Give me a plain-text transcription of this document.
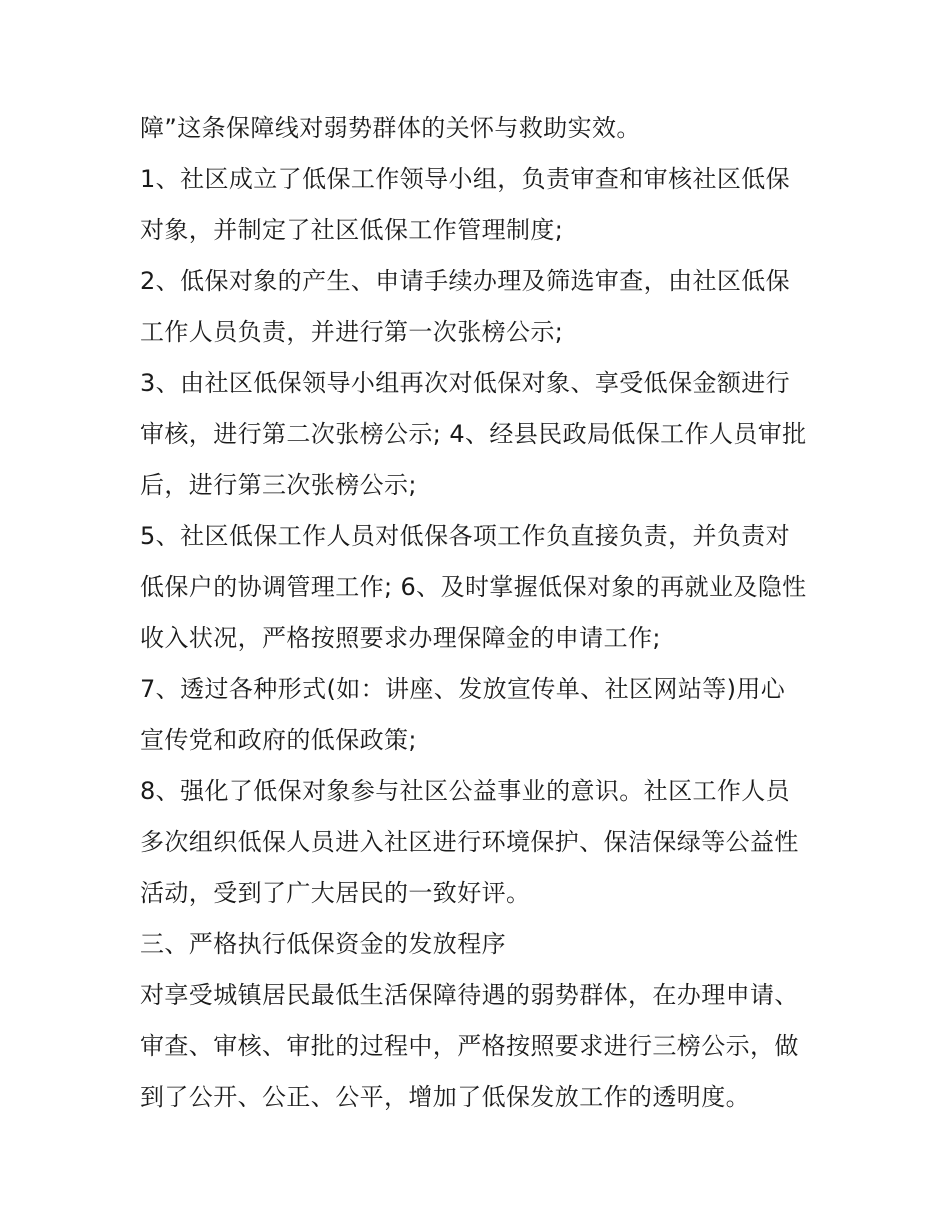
障”这条保障线对弱势群体的关怀与救助实效。
1、社区成立了低保工作领导小组，负责审查和审核社区低保
对象，并制定了社区低保工作管理制度;
2、低保对象的产生、申请手续办理及筛选审查，由社区低保
工作人员负责，并进行第一次张榜公示;
3、由社区低保领导小组再次对低保对象、享受低保金额进行
审核，进行第二次张榜公示; 4、经县民政局低保工作人员审批
后，进行第三次张榜公示;
5、社区低保工作人员对低保各项工作负直接负责，并负责对
低保户的协调管理工作; 6、及时掌握低保对象的再就业及隐性
收入状况，严格按照要求办理保障金的申请工作;
7、透过各种形式(如：讲座、发放宣传单、社区网站等)用心
宣传党和政府的低保政策;
8、强化了低保对象参与社区公益事业的意识。社区工作人员
多次组织低保人员进入社区进行环境保护、保洁保绿等公益性
活动，受到了广大居民的一致好评。
三、严格执行低保资金的发放程序
对享受城镇居民最低生活保障待遇的弱势群体，在办理申请、
审查、审核、审批的过程中，严格按照要求进行三榜公示，做
到了公开、公正、公平，增加了低保发放工作的透明度。
